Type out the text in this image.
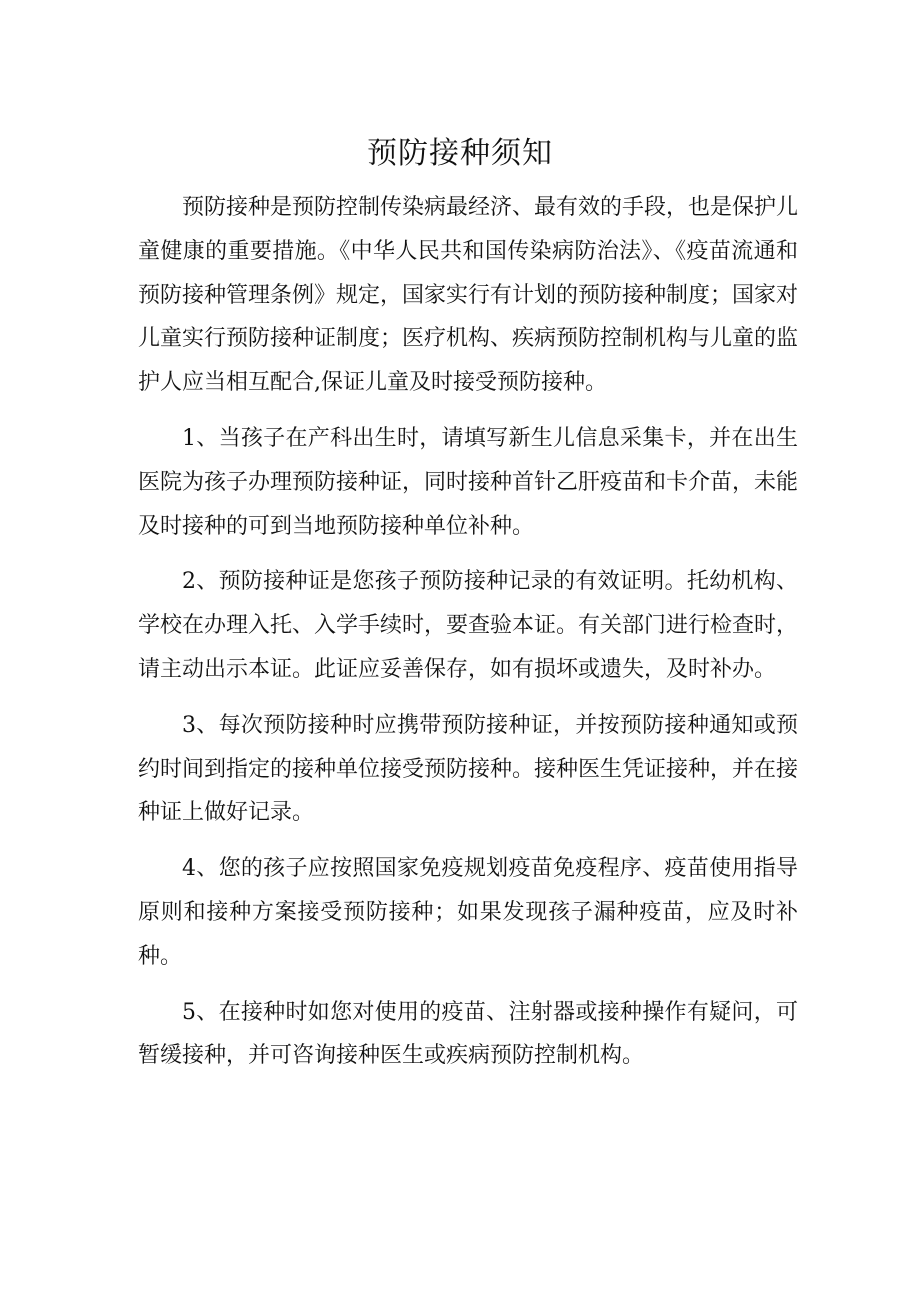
预防接种须知

预防接种是预防控制传染病最经济、最有效的手段，也是保护儿童健康的重要措施。《中华人民共和国传染病防治法》、《疫苗流通和预防接种管理条例》规定，国家实行有计划的预防接种制度；国家对儿童实行预防接种证制度；医疗机构、疾病预防控制机构与儿童的监护人应当相互配合,保证儿童及时接受预防接种。

1、当孩子在产科出生时，请填写新生儿信息采集卡，并在出生医院为孩子办理预防接种证，同时接种首针乙肝疫苗和卡介苗，未能及时接种的可到当地预防接种单位补种。

2、预防接种证是您孩子预防接种记录的有效证明。托幼机构、学校在办理入托、入学手续时，要查验本证。有关部门进行检查时，请主动出示本证。此证应妥善保存，如有损坏或遗失，及时补办。

3、每次预防接种时应携带预防接种证，并按预防接种通知或预约时间到指定的接种单位接受预防接种。接种医生凭证接种，并在接种证上做好记录。

4、您的孩子应按照国家免疫规划疫苗免疫程序、疫苗使用指导原则和接种方案接受预防接种；如果发现孩子漏种疫苗，应及时补种。

5、在接种时如您对使用的疫苗、注射器或接种操作有疑问，可暂缓接种，并可咨询接种医生或疾病预防控制机构。
